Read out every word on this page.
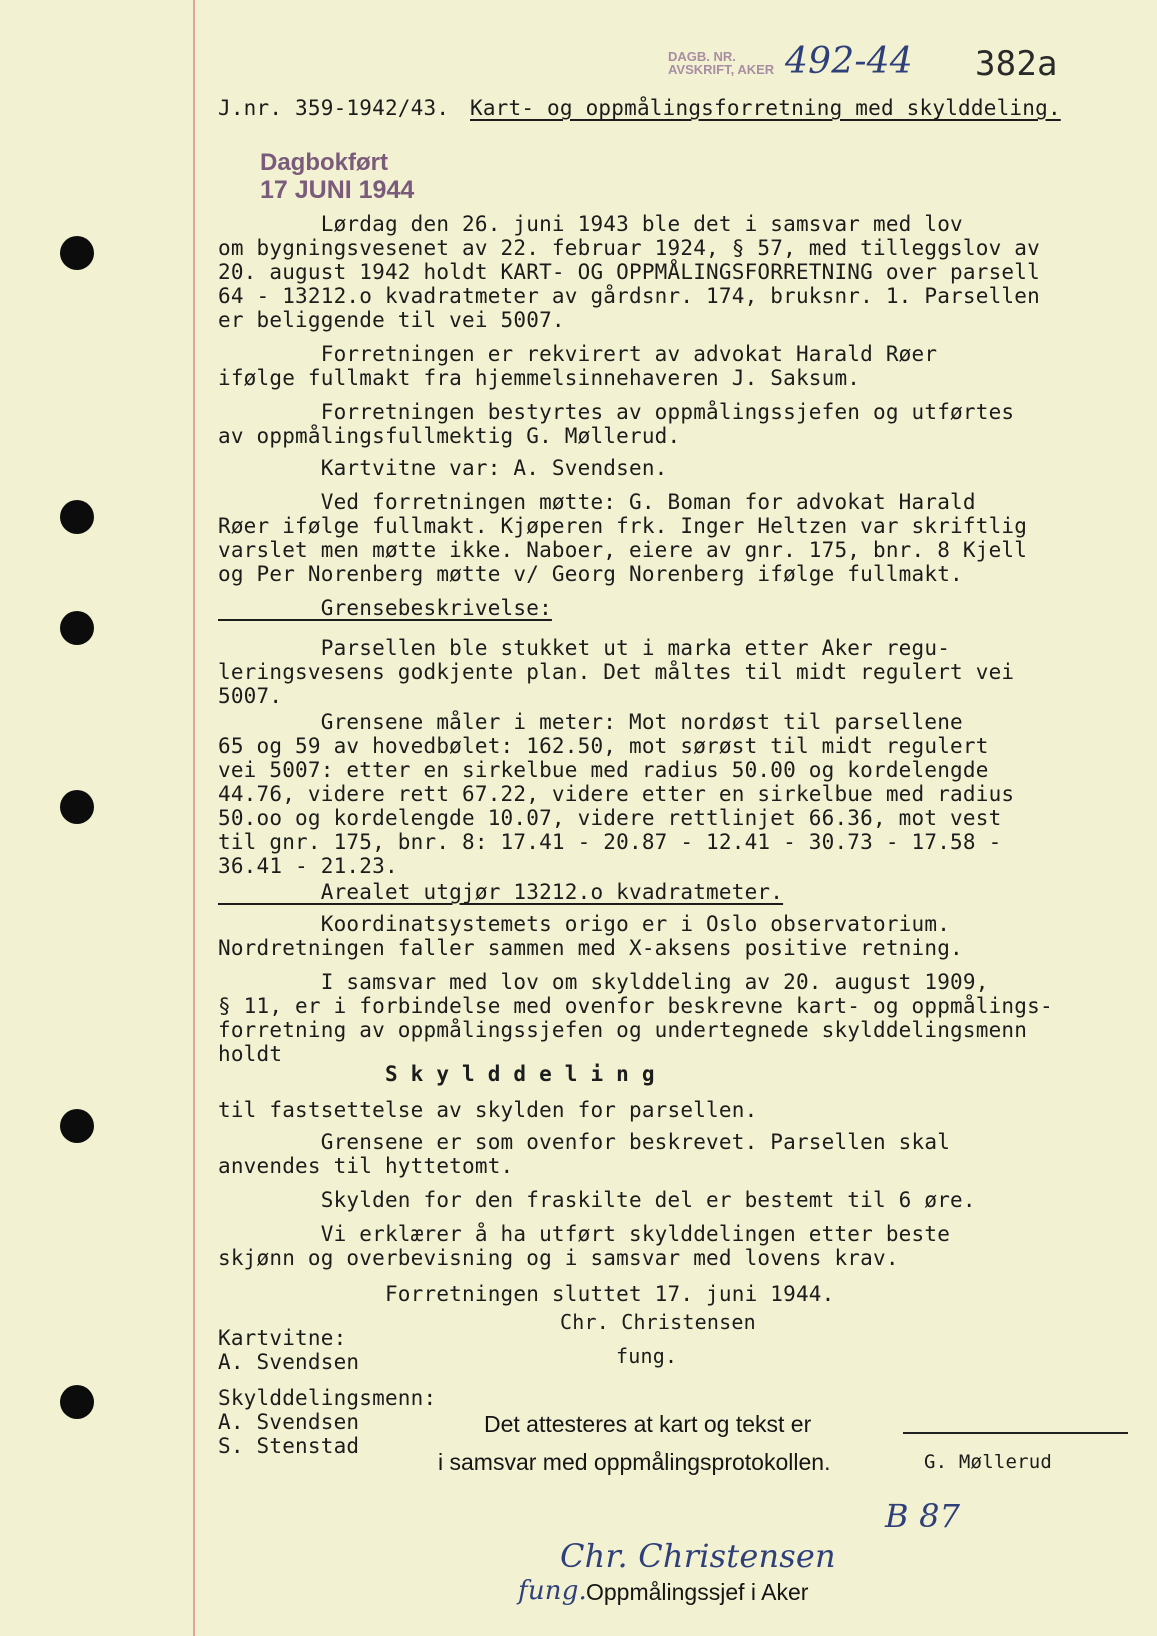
DAGB. NR.
AVSKRIFT, AKER 492-44 382a
J.nr. 359-1942/43. Kart- og oppmålingsforretning med skylddeling.
Dagbokført
17 JUNI 1944
Lørdag den 26. juni 1943 ble det i samsvar med lov
om bygningsvesenet av 22. februar 1924, § 57, med tilleggslov av
20. august 1942 holdt KART- OG OPPMÅLINGSFORRETNING over parsell
64 - 13212.o kvadratmeter av gårdsnr. 174, bruksnr. 1. Parsellen
er beliggende til vei 5007.
Forretningen er rekvirert av advokat Harald Røer
ifølge fullmakt fra hjemmelsinnehaveren J. Saksum.
Forretningen bestyrtes av oppmålingssjefen og utførtes
av oppmålingsfullmektig G. Møllerud.
Kartvitne var: A. Svendsen.
Ved forretningen møtte: G. Boman for advokat Harald
Røer ifølge fullmakt. Kjøperen frk. Inger Heltzen var skriftlig
varslet men møtte ikke. Naboer, eiere av gnr. 175, bnr. 8 Kjell
og Per Norenberg møtte v/ Georg Norenberg ifølge fullmakt.
Grensebeskrivelse:
Parsellen ble stukket ut i marka etter Aker regu-
leringsvesens godkjente plan. Det måltes til midt regulert vei
5007.
Grensene måler i meter: Mot nordøst til parsellene
65 og 59 av hovedbølet: 162.50, mot sørøst til midt regulert
vei 5007: etter en sirkelbue med radius 50.00 og kordelengde
44.76, videre rett 67.22, videre etter en sirkelbue med radius
50.oo og kordelengde 10.07, videre rettlinjet 66.36, mot vest
til gnr. 175, bnr. 8: 17.41 - 20.87 - 12.41 - 30.73 - 17.58 -
36.41 - 21.23.
Arealet utgjør 13212.o kvadratmeter.
Koordinatsystemets origo er i Oslo observatorium.
Nordretningen faller sammen med X-aksens positive retning.
I samsvar med lov om skylddeling av 20. august 1909,
§ 11, er i forbindelse med ovenfor beskrevne kart- og oppmålings-
forretning av oppmålingssjefen og undertegnede skylddelingsmenn
holdt
S k y l d d e l i n g
til fastsettelse av skylden for parsellen.
Grensene er som ovenfor beskrevet. Parsellen skal
anvendes til hyttetomt.
Skylden for den fraskilte del er bestemt til 6 øre.
Vi erklærer å ha utført skylddelingen etter beste
skjønn og overbevisning og i samsvar med lovens krav.
Forretningen sluttet 17. juni 1944.
Chr. Christensen
Kartvitne:
A. Svendsen	fung.
Skylddelingsmenn:
A. Svendsen
S. Stenstad
Det attesteres at kart og tekst er
i samsvar med oppmålingsprotokollen.	G. Møllerud
B 87
Chr. Christensen
fung.
Oppmålingssjef i Aker
